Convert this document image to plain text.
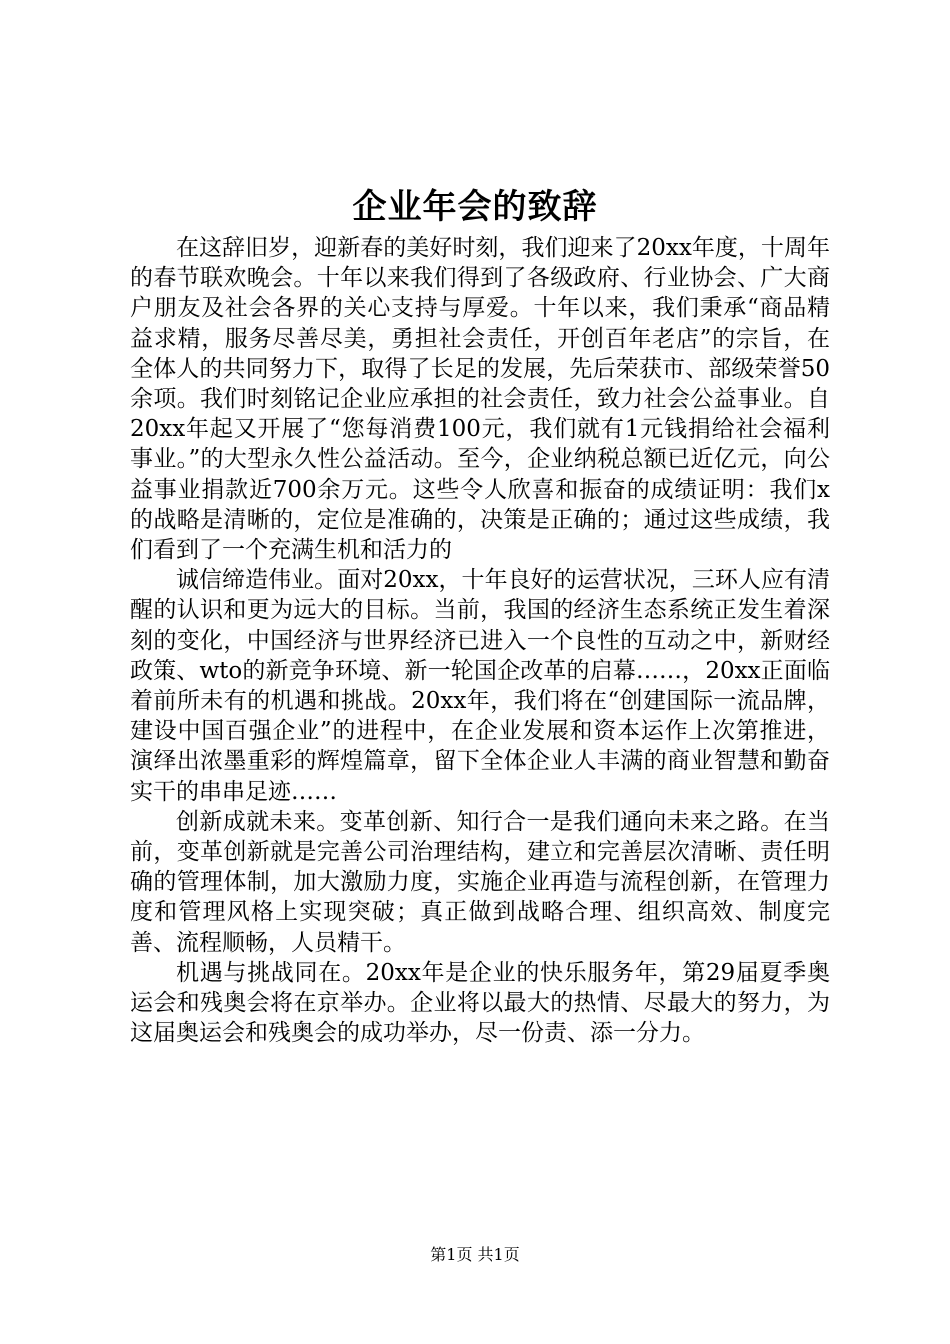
企业年会的致辞

在这辞旧岁，迎新春的美好时刻，我们迎来了20xx年度，十周年的春节联欢晚会。十年以来我们得到了各级政府、行业协会、广大商户朋友及社会各界的关心支持与厚爱。十年以来，我们秉承“商品精益求精，服务尽善尽美，勇担社会责任，开创百年老店”的宗旨，在全体人的共同努力下，取得了长足的发展，先后荣获市、部级荣誉50余项。我们时刻铭记企业应承担的社会责任，致力社会公益事业。自20xx年起又开展了“您每消费100元，我们就有1元钱捐给社会福利事业。”的大型永久性公益活动。至今，企业纳税总额已近亿元，向公益事业捐款近700余万元。这些令人欣喜和振奋的成绩证明：我们x的战略是清晰的，定位是准确的，决策是正确的；通过这些成绩，我们看到了一个充满生机和活力的

诚信缔造伟业。面对20xx，十年良好的运营状况，三环人应有清醒的认识和更为远大的目标。当前，我国的经济生态系统正发生着深刻的变化，中国经济与世界经济已进入一个良性的互动之中，新财经政策、wto的新竞争环境、新一轮国企改革的启幕……，20xx正面临着前所未有的机遇和挑战。20xx年，我们将在“创建国际一流品牌，建设中国百强企业”的进程中，在企业发展和资本运作上次第推进，演绎出浓墨重彩的辉煌篇章，留下全体企业人丰满的商业智慧和勤奋实干的串串足迹……

创新成就未来。变革创新、知行合一是我们通向未来之路。在当前，变革创新就是完善公司治理结构，建立和完善层次清晰、责任明确的管理体制，加大激励力度，实施企业再造与流程创新，在管理力度和管理风格上实现突破；真正做到战略合理、组织高效、制度完善、流程顺畅，人员精干。

机遇与挑战同在。20xx年是企业的快乐服务年，第29届夏季奥运会和残奥会将在京举办。企业将以最大的热情、尽最大的努力，为这届奥运会和残奥会的成功举办，尽一份责、添一分力。

第1页 共1页
